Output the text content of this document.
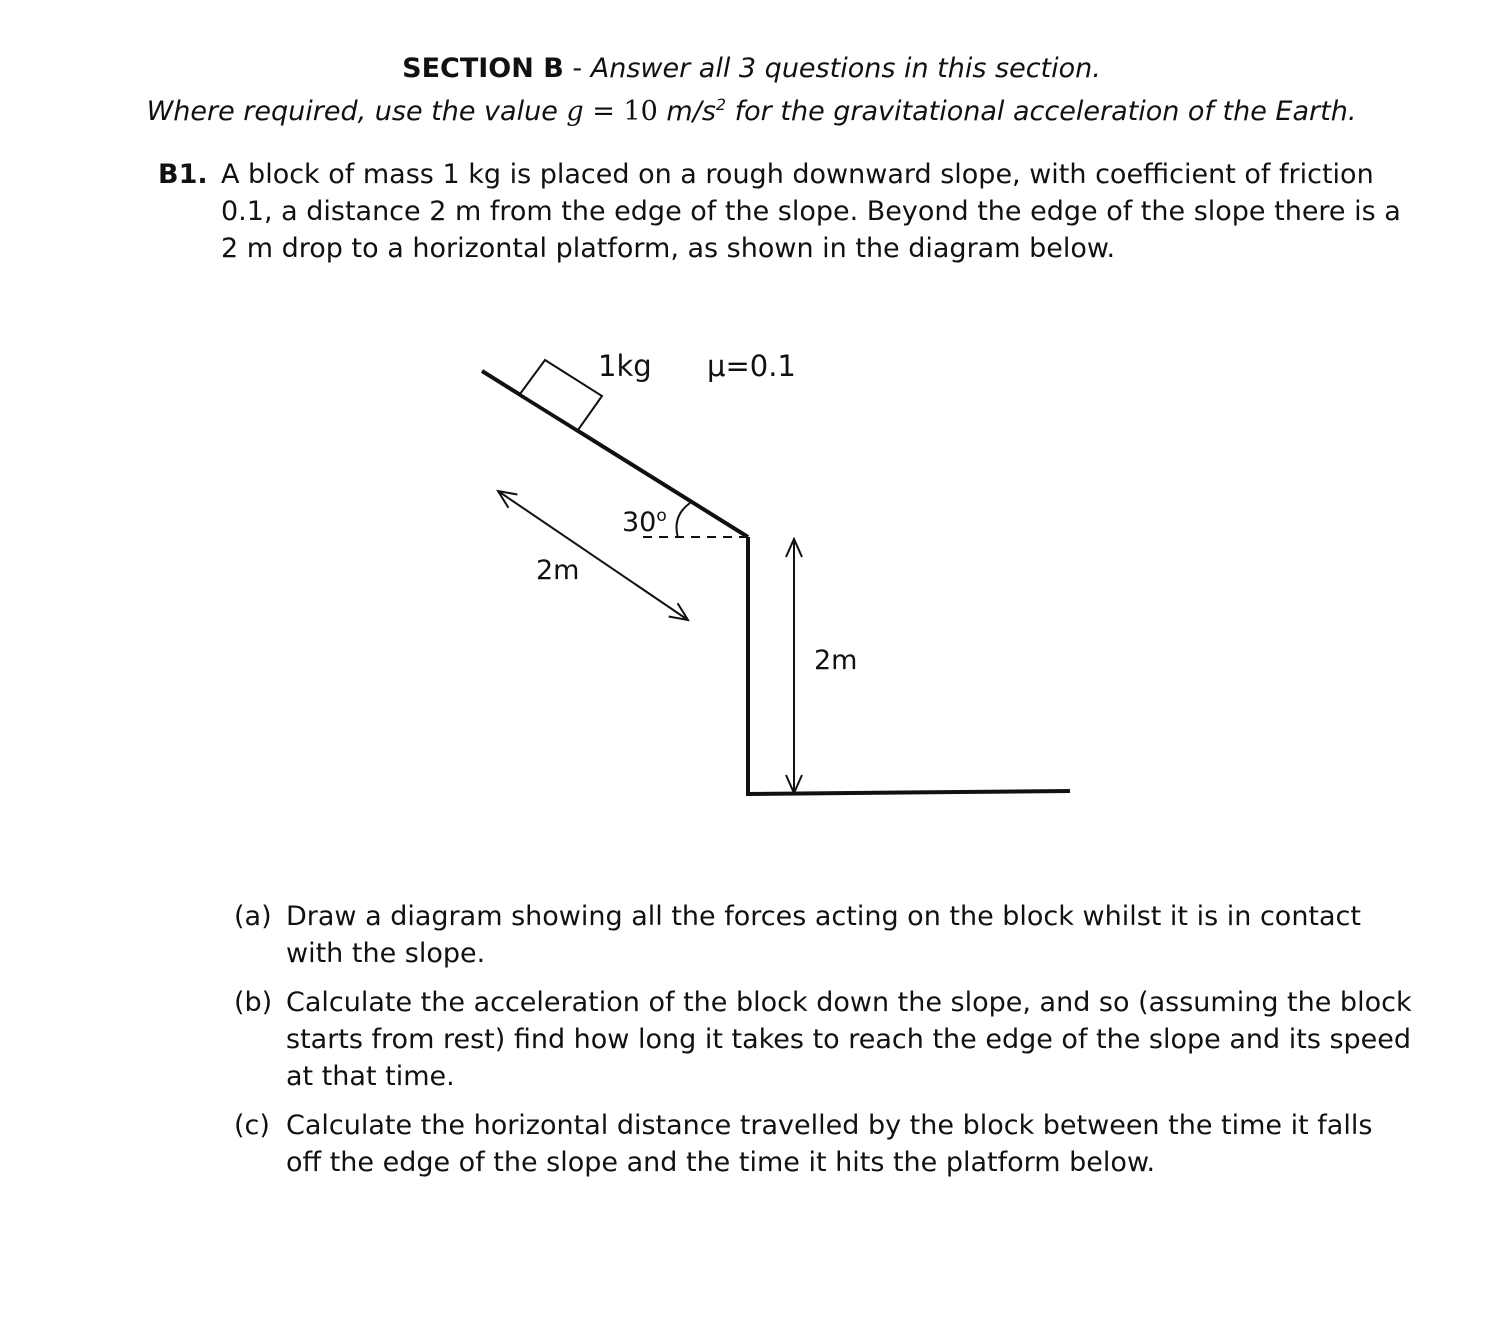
SECTION B - Answer all 3 questions in this section.
Where required, use the value g = 10 $m/s^2$ for the gravitational acceleration of the Earth.
B1. A block of mass 1 kg is placed on a rough downward slope, with coefficient of friction
0.1, a distance 2 m from the edge of the slope. Beyond the edge of the slope there is a
2 m drop to a horizontal platform, as shown in the diagram below.
1kg μ=0.1
30$^o$
2m
2m
(a) Draw a diagram showing all the forces acting on the block whilst it is in contact
with the slope.
(b) Calculate the acceleration of the block down the slope, and so (assuming the block
starts from rest) find how long it takes to reach the edge of the slope and its speed
at that time.
(c) Calculate the horizontal distance travelled by the block between the time it falls
off the edge of the slope and the time it hits the platform below.
